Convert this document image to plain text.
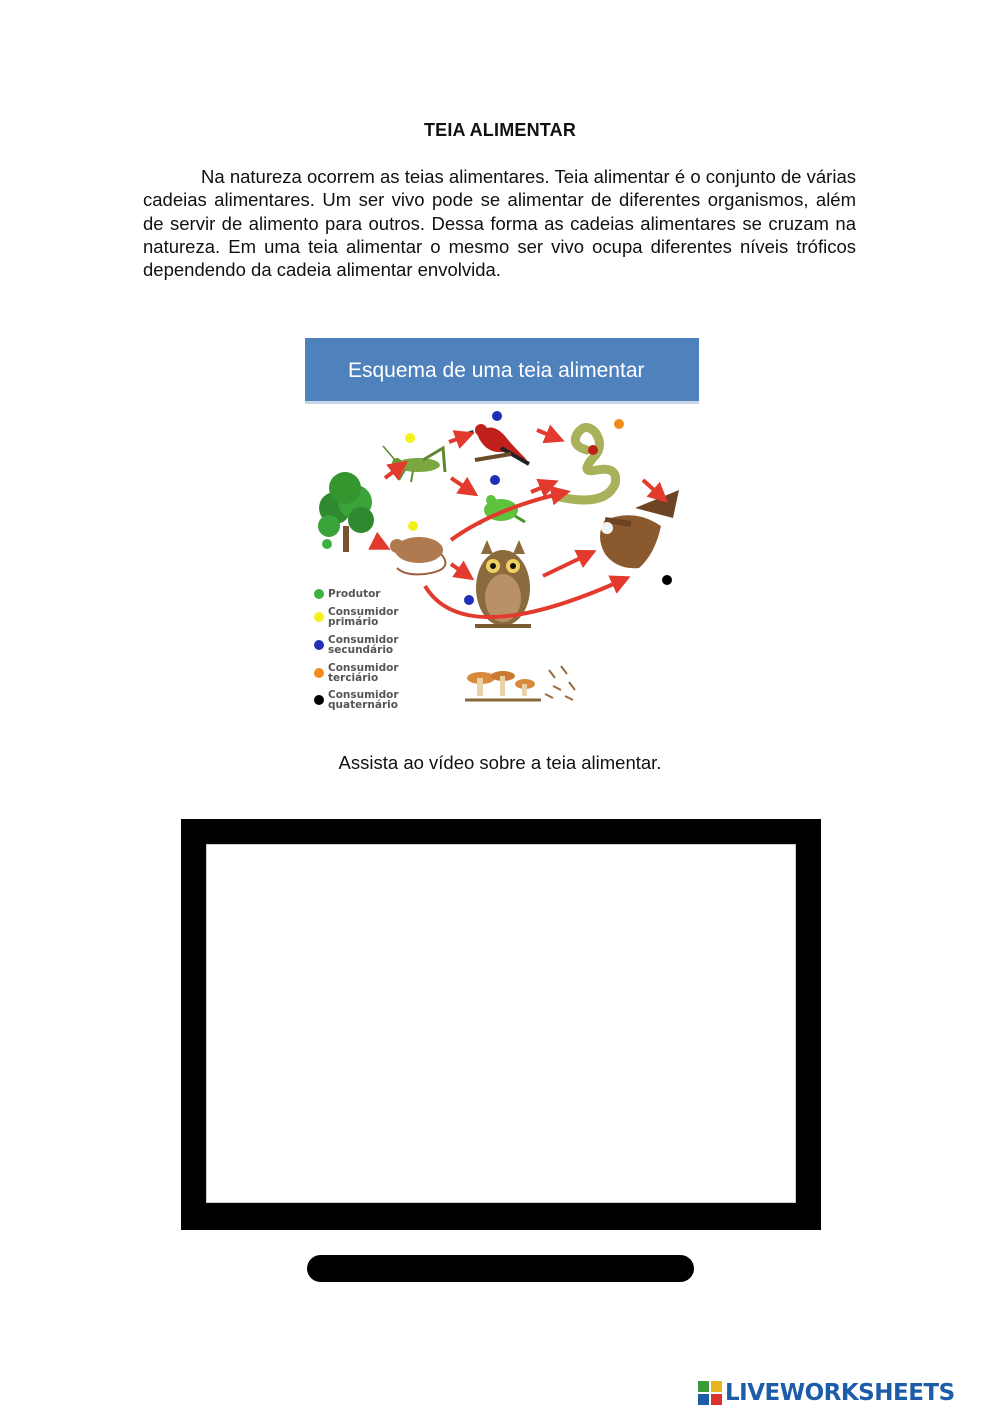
TEIA ALIMENTAR

Na natureza ocorrem as teias alimentares. Teia alimentar é o conjunto de várias cadeias alimentares. Um ser vivo pode se alimentar de diferentes organismos, além de servir de alimento para outros. Dessa forma as cadeias alimentares se cruzam na natureza. Em uma teia alimentar o mesmo ser vivo ocupa diferentes níveis tróficos dependendo da cadeia alimentar envolvida.

Esquema de uma teia alimentar
Produtor
Consumidor
primário
Consumidor
secundário
Consumidor
terciário
Consumidor
quaternário
Assista ao vídeo sobre a teia alimentar.
LIVEWORKSHEETS
